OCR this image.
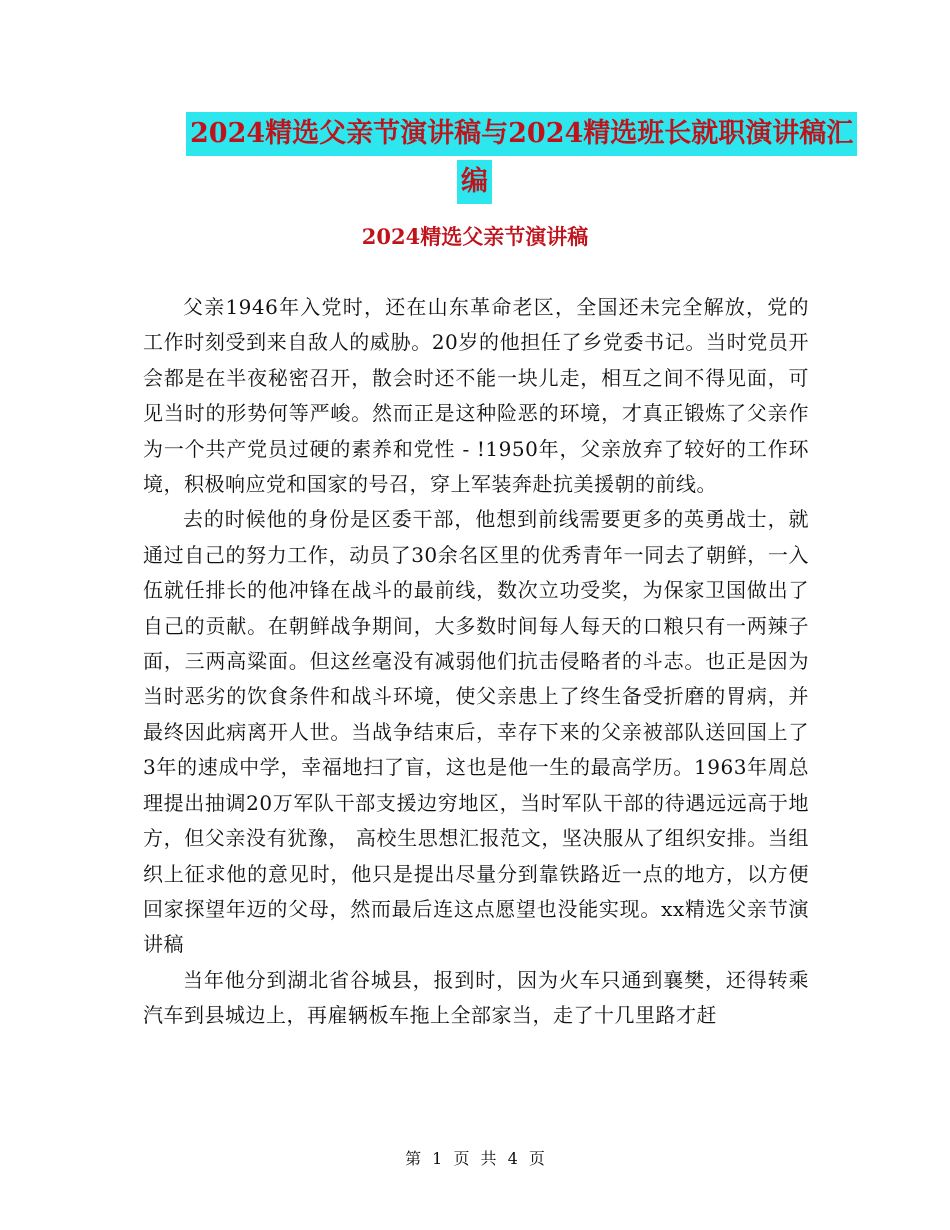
2024精选父亲节演讲稿与2024精选班长就职演讲稿汇
编
2024精选父亲节演讲稿

父亲1946年入党时，还在山东革命老区，全国还未完全解放，党的工作时刻受到来自敌人的威胁。20岁的他担任了乡党委书记。当时党员开会都是在半夜秘密召开，散会时还不能一块儿走，相互之间不得见面，可见当时的形势何等严峻。然而正是这种险恶的环境，才真正锻炼了父亲作为一个共产党员过硬的素养和党性 - !1950年，父亲放弃了较好的工作环境，积极响应党和国家的号召，穿上军装奔赴抗美援朝的前线。

去的时候他的身份是区委干部，他想到前线需要更多的英勇战士，就通过自己的努力工作，动员了30余名区里的优秀青年一同去了朝鲜，一入伍就任排长的他冲锋在战斗的最前线，数次立功受奖，为保家卫国做出了自己的贡献。在朝鲜战争期间，大多数时间每人每天的口粮只有一两辣子面，三两高粱面。但这丝毫没有减弱他们抗击侵略者的斗志。也正是因为当时恶劣的饮食条件和战斗环境，使父亲患上了终生备受折磨的胃病，并最终因此病离开人世。当战争结束后，幸存下来的父亲被部队送回国上了3年的速成中学，幸福地扫了盲，这也是他一生的最高学历。1963年周总理提出抽调20万军队干部支援边穷地区，当时军队干部的待遇远远高于地方，但父亲没有犹豫， 高校生思想汇报范文，坚决服从了组织安排。当组织上征求他的意见时，他只是提出尽量分到靠铁路近一点的地方，以方便回家探望年迈的父母，然而最后连这点愿望也没能实现。xx精选父亲节演讲稿

当年他分到湖北省谷城县，报到时，因为火车只通到襄樊，还得转乘汽车到县城边上，再雇辆板车拖上全部家当，走了十几里路才赶

第 1 页 共 4 页
